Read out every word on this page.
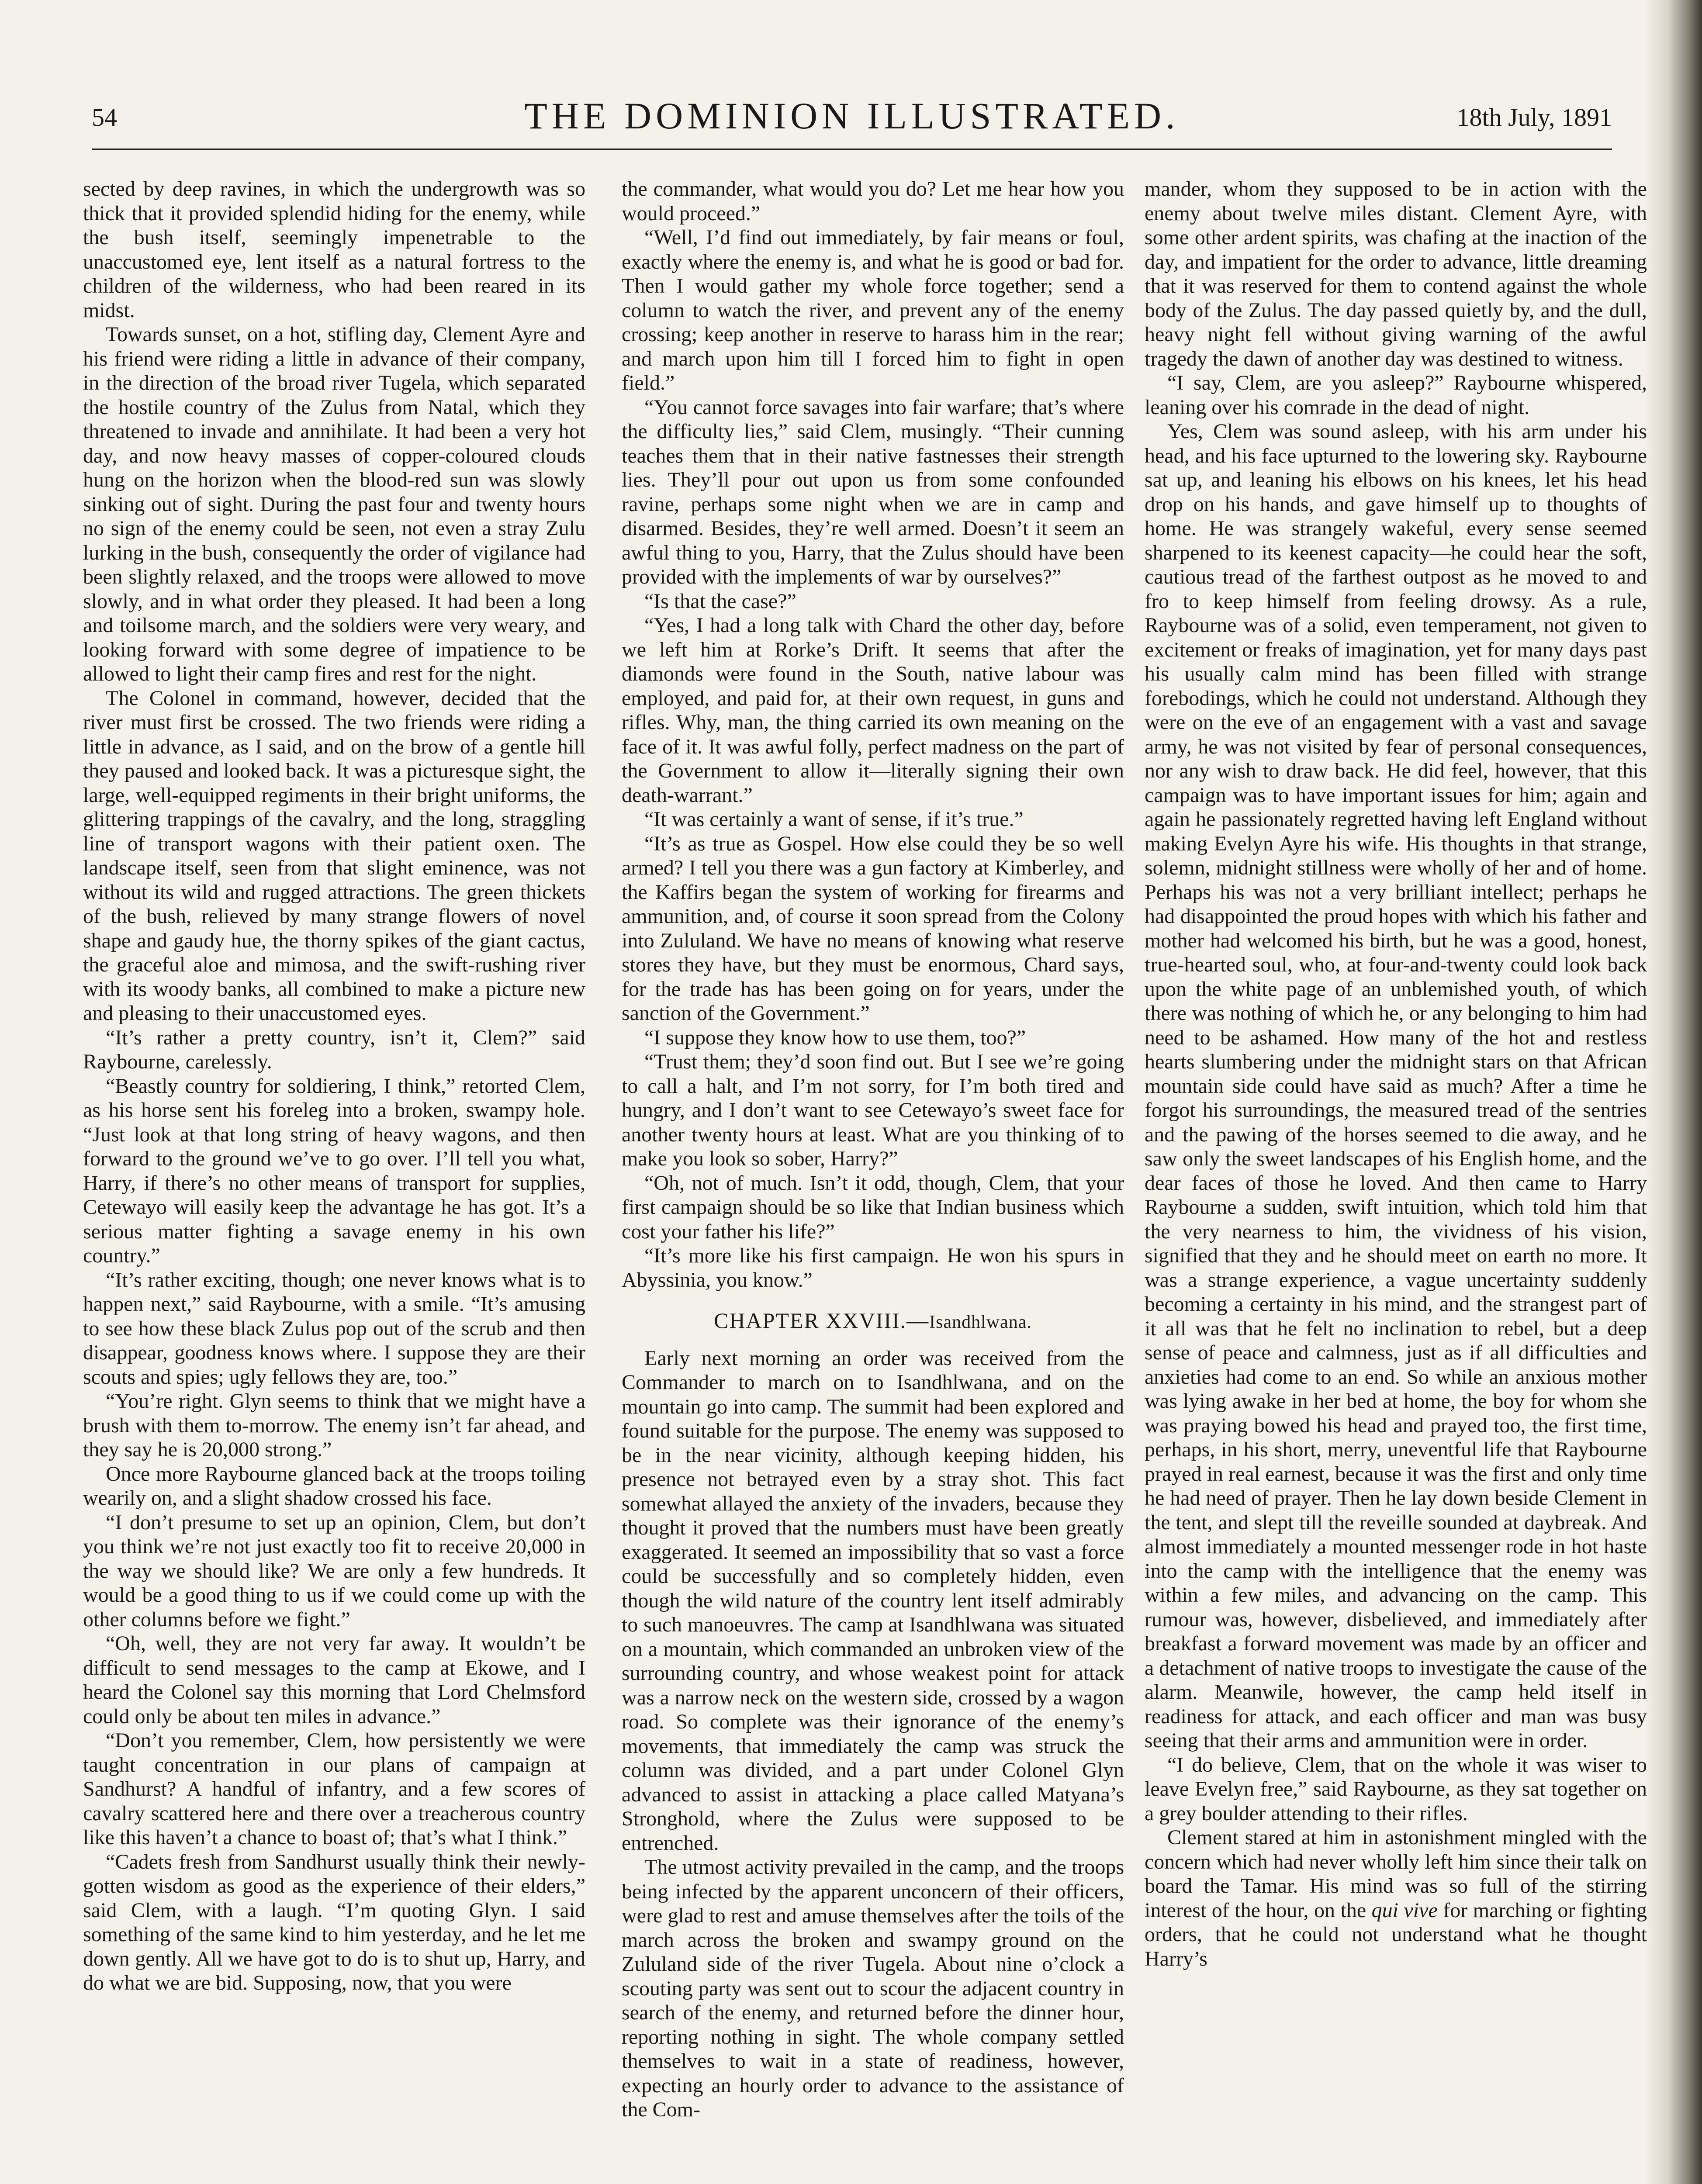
54	THE DOMINION ILLUSTRATED.	18th July, 1891

sected by deep ravines, in which the undergrowth was so thick that it provided splendid hiding for the enemy, while the bush itself, seemingly impenetrable to the unaccustomed eye, lent itself as a natural fortress to the children of the wilderness, who had been reared in its midst.

Towards sunset, on a hot, stifling day, Clement Ayre and his friend were riding a little in advance of their company, in the direction of the broad river Tugela, which separated the hostile country of the Zulus from Natal, which they threatened to invade and annihilate. It had been a very hot day, and now heavy masses of copper-coloured clouds hung on the horizon when the blood-red sun was slowly sinking out of sight. During the past four and twenty hours no sign of the enemy could be seen, not even a stray Zulu lurking in the bush, consequently the order of vigilance had been slightly relaxed, and the troops were allowed to move slowly, and in what order they pleased. It had been a long and toilsome march, and the soldiers were very weary, and looking forward with some degree of impatience to be allowed to light their camp fires and rest for the night.

The Colonel in command, however, decided that the river must first be crossed. The two friends were riding a little in advance, as I said, and on the brow of a gentle hill they paused and looked back. It was a picturesque sight, the large, well-equipped regiments in their bright uniforms, the glittering trappings of the cavalry, and the long, straggling line of transport wagons with their patient oxen. The landscape itself, seen from that slight eminence, was not without its wild and rugged attractions. The green thickets of the bush, relieved by many strange flowers of novel shape and gaudy hue, the thorny spikes of the giant cactus, the graceful aloe and mimosa, and the swift-rushing river with its woody banks, all combined to make a picture new and pleasing to their unaccustomed eyes.

“It’s rather a pretty country, isn’t it, Clem?” said Raybourne, carelessly.

“Beastly country for soldiering, I think,” retorted Clem, as his horse sent his foreleg into a broken, swampy hole. “Just look at that long string of heavy wagons, and then forward to the ground we’ve to go over. I’ll tell you what, Harry, if there’s no other means of transport for supplies, Cetewayo will easily keep the advantage he has got. It’s a serious matter fighting a savage enemy in his own country.”

“It’s rather exciting, though; one never knows what is to happen next,” said Raybourne, with a smile. “It’s amusing to see how these black Zulus pop out of the scrub and then disappear, goodness knows where. I suppose they are their scouts and spies; ugly fellows they are, too.”

“You’re right. Glyn seems to think that we might have a brush with them to-morrow. The enemy isn’t far ahead, and they say he is 20,000 strong.”

Once more Raybourne glanced back at the troops toiling wearily on, and a slight shadow crossed his face.

“I don’t presume to set up an opinion, Clem, but don’t you think we’re not just exactly too fit to receive 20,000 in the way we should like? We are only a few hundreds. It would be a good thing to us if we could come up with the other columns before we fight.”

“Oh, well, they are not very far away. It wouldn’t be difficult to send messages to the camp at Ekowe, and I heard the Colonel say this morning that Lord Chelmsford could only be about ten miles in advance.”

“Don’t you remember, Clem, how persistently we were taught concentration in our plans of campaign at Sandhurst? A handful of infantry, and a few scores of cavalry scattered here and there over a treacherous country like this haven’t a chance to boast of; that’s what I think.”

“Cadets fresh from Sandhurst usually think their newly-gotten wisdom as good as the experience of their elders,” said Clem, with a laugh. “I’m quoting Glyn. I said something of the same kind to him yesterday, and he let me down gently. All we have got to do is to shut up, Harry, and do what we are bid. Supposing, now, that you were

the commander, what would you do? Let me hear how you would proceed.”

“Well, I’d find out immediately, by fair means or foul, exactly where the enemy is, and what he is good or bad for. Then I would gather my whole force together; send a column to watch the river, and prevent any of the enemy crossing; keep another in reserve to harass him in the rear; and march upon him till I forced him to fight in open field.”

“You cannot force savages into fair warfare; that’s where the difficulty lies,” said Clem, musingly. “Their cunning teaches them that in their native fastnesses their strength lies. They’ll pour out upon us from some confounded ravine, perhaps some night when we are in camp and disarmed. Besides, they’re well armed. Doesn’t it seem an awful thing to you, Harry, that the Zulus should have been provided with the implements of war by ourselves?”

“Is that the case?”

“Yes, I had a long talk with Chard the other day, before we left him at Rorke’s Drift. It seems that after the diamonds were found in the South, native labour was employed, and paid for, at their own request, in guns and rifles. Why, man, the thing carried its own meaning on the face of it. It was awful folly, perfect madness on the part of the Government to allow it—literally signing their own death-warrant.”

“It was certainly a want of sense, if it’s true.”

“It’s as true as Gospel. How else could they be so well armed? I tell you there was a gun factory at Kimberley, and the Kaffirs began the system of working for firearms and ammunition, and, of course it soon spread from the Colony into Zululand. We have no means of knowing what reserve stores they have, but they must be enormous, Chard says, for the trade has has been going on for years, under the sanction of the Government.”

“I suppose they know how to use them, too?”

“Trust them; they’d soon find out. But I see we’re going to call a halt, and I’m not sorry, for I’m both tired and hungry, and I don’t want to see Cetewayo’s sweet face for another twenty hours at least. What are you thinking of to make you look so sober, Harry?”

“Oh, not of much. Isn’t it odd, though, Clem, that your first campaign should be so like that Indian business which cost your father his life?”

“It’s more like his first campaign. He won his spurs in Abyssinia, you know.”

CHAPTER XXVIII.—Isandhlwana.

Early next morning an order was received from the Commander to march on to Isandhlwana, and on the mountain go into camp. The summit had been explored and found suitable for the purpose. The enemy was supposed to be in the near vicinity, although keeping hidden, his presence not betrayed even by a stray shot. This fact somewhat allayed the anxiety of the invaders, because they thought it proved that the numbers must have been greatly exaggerated. It seemed an impossibility that so vast a force could be successfully and so completely hidden, even though the wild nature of the country lent itself admirably to such manoeuvres. The camp at Isandhlwana was situated on a mountain, which commanded an unbroken view of the surrounding country, and whose weakest point for attack was a narrow neck on the western side, crossed by a wagon road. So complete was their ignorance of the enemy’s movements, that immediately the camp was struck the column was divided, and a part under Colonel Glyn advanced to assist in attacking a place called Matyana’s Stronghold, where the Zulus were supposed to be entrenched.

The utmost activity prevailed in the camp, and the troops being infected by the apparent unconcern of their officers, were glad to rest and amuse themselves after the toils of the march across the broken and swampy ground on the Zululand side of the river Tugela. About nine o’clock a scouting party was sent out to scour the adjacent country in search of the enemy, and returned before the dinner hour, reporting nothing in sight. The whole company settled themselves to wait in a state of readiness, however, expecting an hourly order to advance to the assistance of the Com-

mander, whom they supposed to be in action with the enemy about twelve miles distant. Clement Ayre, with some other ardent spirits, was chafing at the inaction of the day, and impatient for the order to advance, little dreaming that it was reserved for them to contend against the whole body of the Zulus. The day passed quietly by, and the dull, heavy night fell without giving warning of the awful tragedy the dawn of another day was destined to witness.

“I say, Clem, are you asleep?” Raybourne whispered, leaning over his comrade in the dead of night.

Yes, Clem was sound asleep, with his arm under his head, and his face upturned to the lowering sky. Raybourne sat up, and leaning his elbows on his knees, let his head drop on his hands, and gave himself up to thoughts of home. He was strangely wakeful, every sense seemed sharpened to its keenest capacity—he could hear the soft, cautious tread of the farthest outpost as he moved to and fro to keep himself from feeling drowsy. As a rule, Raybourne was of a solid, even temperament, not given to excitement or freaks of imagination, yet for many days past his usually calm mind has been filled with strange forebodings, which he could not understand. Although they were on the eve of an engagement with a vast and savage army, he was not visited by fear of personal consequences, nor any wish to draw back. He did feel, however, that this campaign was to have important issues for him; again and again he passionately regretted having left England without making Evelyn Ayre his wife. His thoughts in that strange, solemn, midnight stillness were wholly of her and of home. Perhaps his was not a very brilliant intellect; perhaps he had disappointed the proud hopes with which his father and mother had welcomed his birth, but he was a good, honest, true-hearted soul, who, at four-and-twenty could look back upon the white page of an unblemished youth, of which there was nothing of which he, or any belonging to him had need to be ashamed. How many of the hot and restless hearts slumbering under the midnight stars on that African mountain side could have said as much? After a time he forgot his surroundings, the measured tread of the sentries and the pawing of the horses seemed to die away, and he saw only the sweet landscapes of his English home, and the dear faces of those he loved. And then came to Harry Raybourne a sudden, swift intuition, which told him that the very nearness to him, the vividness of his vision, signified that they and he should meet on earth no more. It was a strange experience, a vague uncertainty suddenly becoming a certainty in his mind, and the strangest part of it all was that he felt no inclination to rebel, but a deep sense of peace and calmness, just as if all difficulties and anxieties had come to an end. So while an anxious mother was lying awake in her bed at home, the boy for whom she was praying bowed his head and prayed too, the first time, perhaps, in his short, merry, uneventful life that Raybourne prayed in real earnest, because it was the first and only time he had need of prayer. Then he lay down beside Clement in the tent, and slept till the reveille sounded at daybreak. And almost immediately a mounted messenger rode in hot haste into the camp with the intelligence that the enemy was within a few miles, and advancing on the camp. This rumour was, however, disbelieved, and immediately after breakfast a forward movement was made by an officer and a detachment of native troops to investigate the cause of the alarm. Meanwile, however, the camp held itself in readiness for attack, and each officer and man was busy seeing that their arms and ammunition were in order.

“I do believe, Clem, that on the whole it was wiser to leave Evelyn free,” said Raybourne, as they sat together on a grey boulder attending to their rifles.

Clement stared at him in astonishment mingled with the concern which had never wholly left him since their talk on board the Tamar. His mind was so full of the stirring interest of the hour, on the qui vive for marching or fighting orders, that he could not understand what he thought Harry’s
